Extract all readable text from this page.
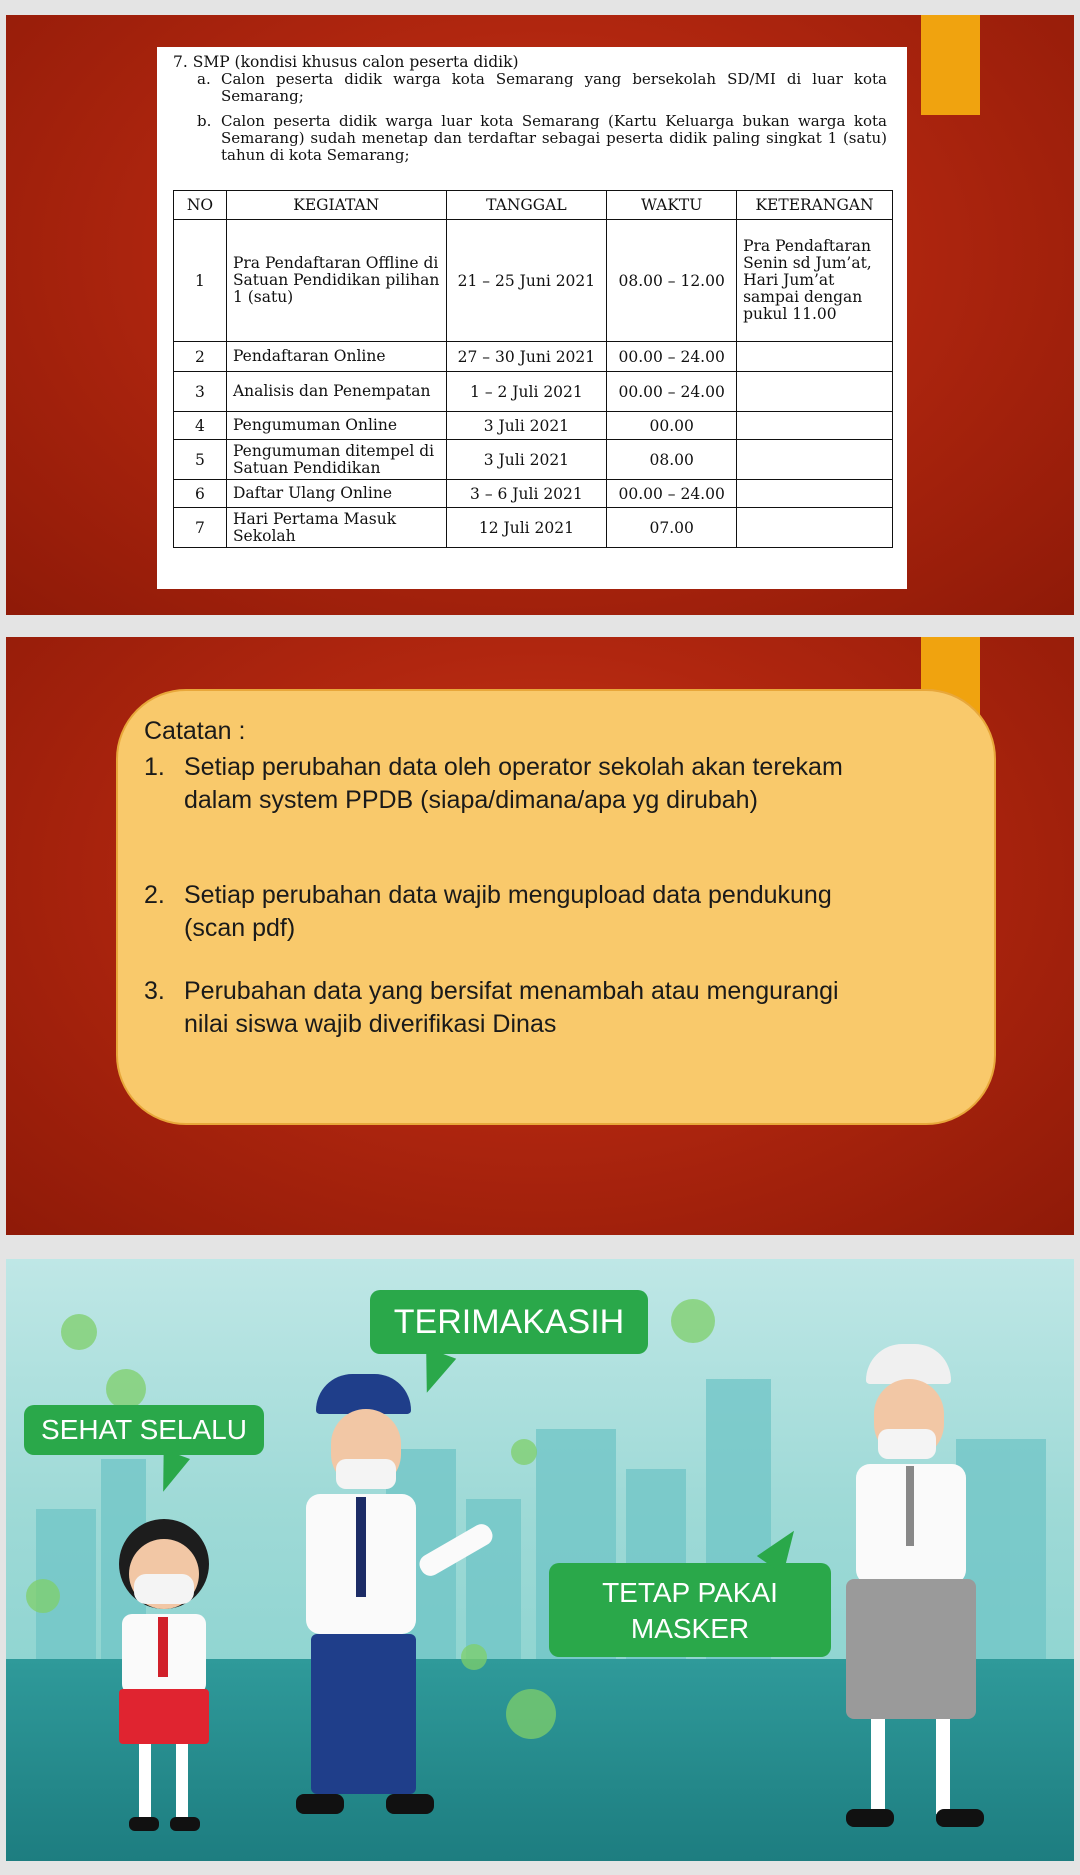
7. SMP (kondisi khusus calon peserta didik)
a. Calon peserta didik warga kota Semarang yang bersekolah SD/MI di luar kota Semarang;
b. Calon peserta didik warga luar kota Semarang (Kartu Keluarga bukan warga kota Semarang) sudah menetap dan terdaftar sebagai peserta didik paling singkat 1 (satu) tahun di kota Semarang;
NO	KEGIATAN	TANGGAL	WAKTU	KETERANGAN
1	Pra Pendaftaran Offline di Satuan Pendidikan pilihan 1 (satu)	21 – 25 Juni 2021	08.00 – 12.00	Pra Pendaftaran Senin sd Jum’at, Hari Jum’at sampai dengan pukul 11.00
2	Pendaftaran Online	27 – 30 Juni 2021	00.00 – 24.00	
3	Analisis dan Penempatan	1 – 2 Juli 2021	00.00 – 24.00	
4	Pengumuman Online	3 Juli 2021	00.00	
5	Pengumuman ditempel di Satuan Pendidikan	3 Juli 2021	08.00	
6	Daftar Ulang Online	3 – 6 Juli 2021	00.00 – 24.00	
7	Hari Pertama Masuk Sekolah	12 Juli 2021	07.00	
Catatan :
1. Setiap perubahan data oleh operator sekolah akan terekam dalam system PPDB (siapa/dimana/apa yg dirubah)
2. Setiap perubahan data wajib mengupload data pendukung (scan pdf)
3. Perubahan data yang bersifat menambah atau mengurangi nilai siswa wajib diverifikasi Dinas
SEHAT SELALU
TERIMAKASIH
TETAP PAKAI MASKER
